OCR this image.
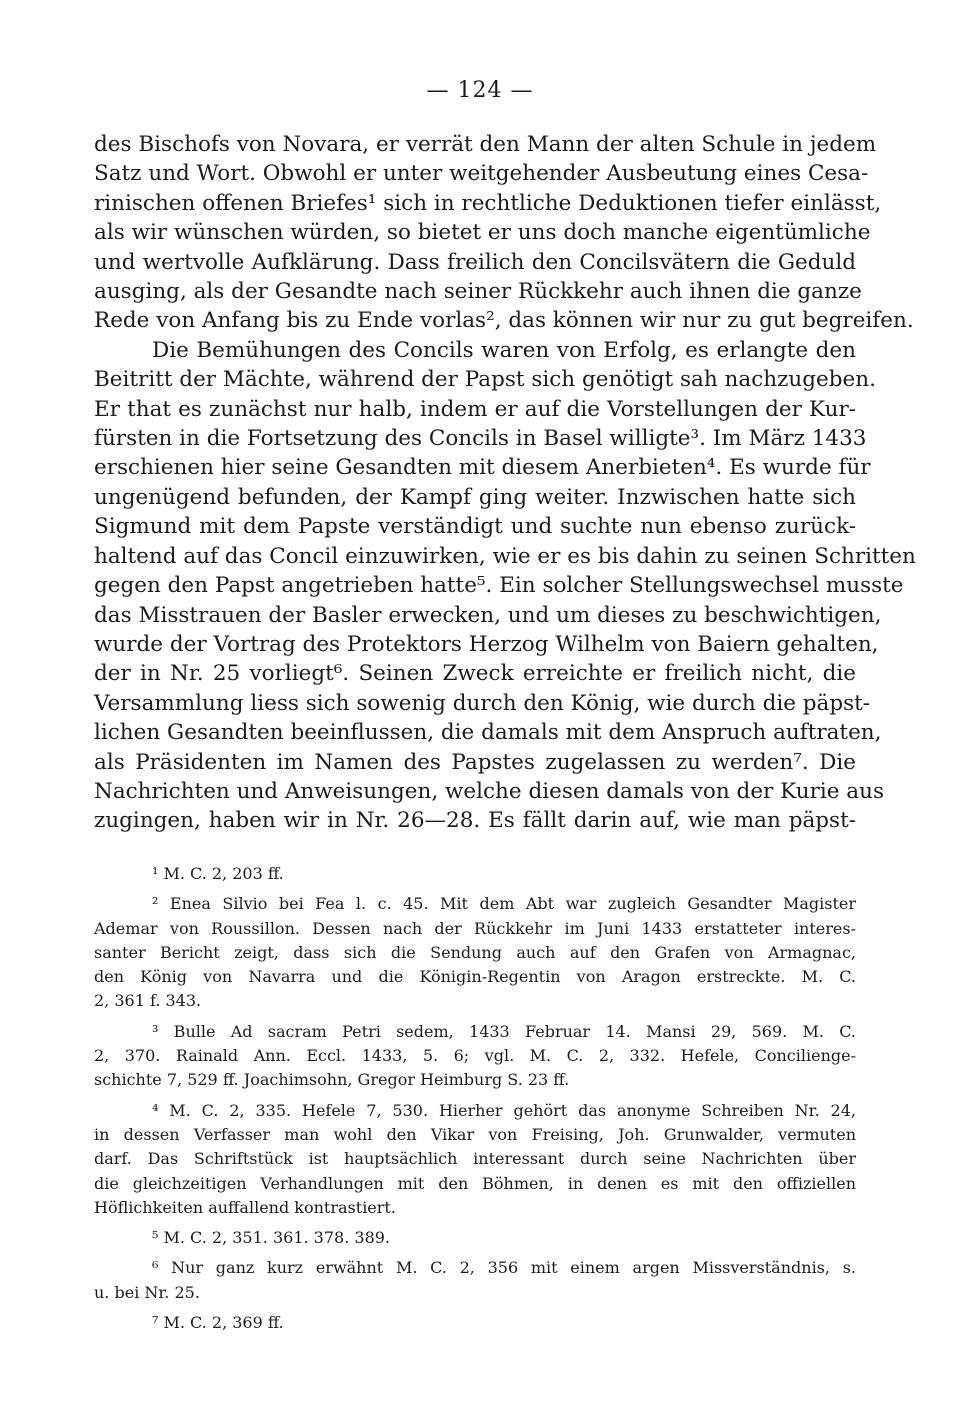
— 124 —
des Bischofs von Novara, er verrät den Mann der alten Schule in jedem
Satz und Wort. Obwohl er unter weitgehender Ausbeutung eines Cesa-
rinischen offenen Briefes¹ sich in rechtliche Deduktionen tiefer einlässt,
als wir wünschen würden, so bietet er uns doch manche eigentümliche
und wertvolle Aufklärung. Dass freilich den Concilsvätern die Geduld
ausging, als der Gesandte nach seiner Rückkehr auch ihnen die ganze
Rede von Anfang bis zu Ende vorlas², das können wir nur zu gut begreifen.
Die Bemühungen des Concils waren von Erfolg, es erlangte den
Beitritt der Mächte, während der Papst sich genötigt sah nachzugeben.
Er that es zunächst nur halb, indem er auf die Vorstellungen der Kur-
fürsten in die Fortsetzung des Concils in Basel willigte³. Im März 1433
erschienen hier seine Gesandten mit diesem Anerbieten⁴. Es wurde für
ungenügend befunden, der Kampf ging weiter. Inzwischen hatte sich
Sigmund mit dem Papste verständigt und suchte nun ebenso zurück-
haltend auf das Concil einzuwirken, wie er es bis dahin zu seinen Schritten
gegen den Papst angetrieben hatte⁵. Ein solcher Stellungswechsel musste
das Misstrauen der Basler erwecken, und um dieses zu beschwichtigen,
wurde der Vortrag des Protektors Herzog Wilhelm von Baiern gehalten,
der in Nr. 25 vorliegt⁶. Seinen Zweck erreichte er freilich nicht, die
Versammlung liess sich sowenig durch den König, wie durch die päpst-
lichen Gesandten beeinflussen, die damals mit dem Anspruch auftraten,
als Präsidenten im Namen des Papstes zugelassen zu werden⁷. Die
Nachrichten und Anweisungen, welche diesen damals von der Kurie aus
zugingen, haben wir in Nr. 26—28. Es fällt darin auf, wie man päpst-
¹ M. C. 2, 203 ff.
² Enea Silvio bei Fea l. c. 45. Mit dem Abt war zugleich Gesandter Magister
Ademar von Roussillon. Dessen nach der Rückkehr im Juni 1433 erstatteter interes-
santer Bericht zeigt, dass sich die Sendung auch auf den Grafen von Armagnac,
den König von Navarra und die Königin-Regentin von Aragon erstreckte. M. C.
2, 361 f. 343.
³ Bulle Ad sacram Petri sedem, 1433 Februar 14. Mansi 29, 569. M. C.
2, 370. Rainald Ann. Eccl. 1433, 5. 6; vgl. M. C. 2, 332. Hefele, Conciliengе-
schichte 7, 529 ff. Joachimsohn, Gregor Heimburg S. 23 ff.
⁴ M. C. 2, 335. Hefele 7, 530. Hierher gehört das anonyme Schreiben Nr. 24,
in dessen Verfasser man wohl den Vikar von Freising, Joh. Grunwalder, vermuten
darf. Das Schriftstück ist hauptsächlich interessant durch seine Nachrichten über
die gleichzeitigen Verhandlungen mit den Böhmen, in denen es mit den offiziellen
Höflichkeiten auffallend kontrastiert.
⁵ M. C. 2, 351. 361. 378. 389.
⁶ Nur ganz kurz erwähnt M. C. 2, 356 mit einem argen Missverständnis, s.
u. bei Nr. 25.
⁷ M. C. 2, 369 ff.
